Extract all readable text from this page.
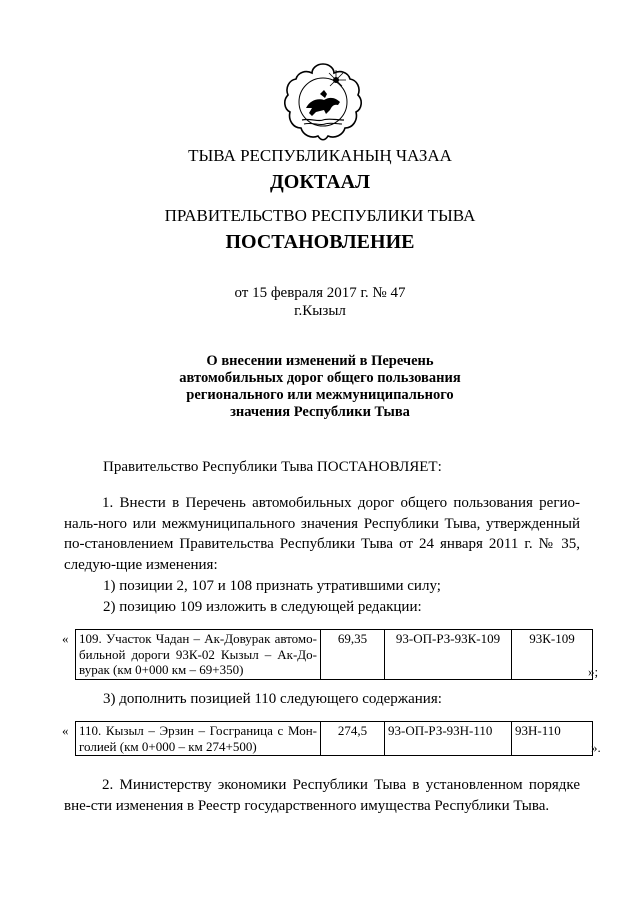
ТЫВА РЕСПУБЛИКАНЫҢ ЧАЗАА
ДОКТААЛ
ПРАВИТЕЛЬСТВО РЕСПУБЛИКИ ТЫВА
ПОСТАНОВЛЕНИЕ
от 15 февраля 2017 г. № 47
г.Кызыл
О внесении изменений в Перечень
автомобильных дорог общего пользования
регионального или межмуниципального
значения Республики Тыва
Правительство Республики Тыва ПОСТАНОВЛЯЕТ:
1. Внести в Перечень автомобильных дорог общего пользования регио-наль-ного или межмуниципального значения Республики Тыва, утвержденный по-становлением Правительства Республики Тыва от 24 января 2011 г. № 35, следую-щие изменения:
1) позиции 2, 107 и 108 признать утратившими силу;
2) позицию 109 изложить в следующей редакции:
« 109. Участок Чадан – Ак-Довурак автомо-бильной дороги 93К-02 Кызыл – Ак-До-вурак (км 0+000 км – 69+350)	69,35	93-ОП-РЗ-93К-109	93К-109
»;
3) дополнить позицией 110 следующего содержания:
« 110. Кызыл – Эрзин – Госграница с Мон-голией (км 0+000 – км 274+500)	274,5	93-ОП-РЗ-93Н-110	93Н-110
».
2. Министерству экономики Республики Тыва в установленном порядке вне-сти изменения в Реестр государственного имущества Республики Тыва.
